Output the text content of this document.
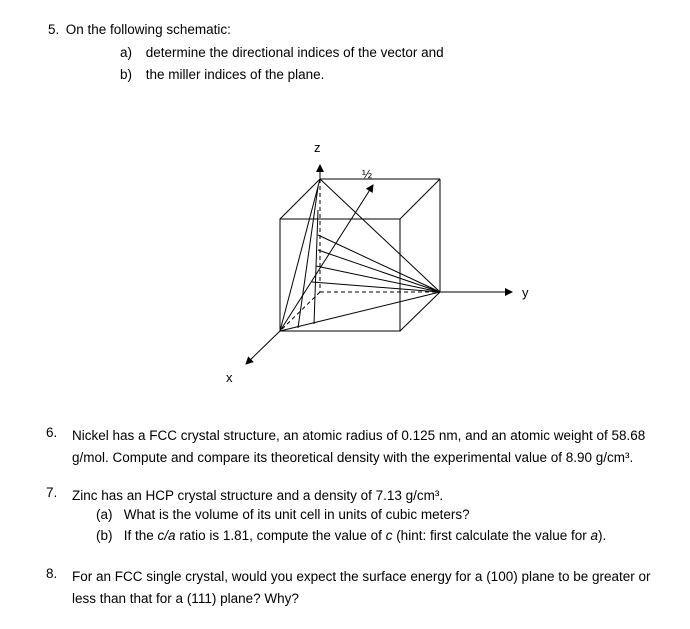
5. On the following schematic:
a) determine the directional indices of the vector and
b) the miller indices of the plane.
z
½
y
x
6. Nickel has a FCC crystal structure, an atomic radius of 0.125 nm, and an atomic weight of 58.68
g/mol. Compute and compare its theoretical density with the experimental value of 8.90 g/cm³.
7. Zinc has an HCP crystal structure and a density of 7.13 g/cm³.
(a) What is the volume of its unit cell in units of cubic meters?
(b) If the c/a ratio is 1.81, compute the value of c (hint: first calculate the value for a).
8. For an FCC single crystal, would you expect the surface energy for a (100) plane to be greater or
less than that for a (111) plane? Why?
